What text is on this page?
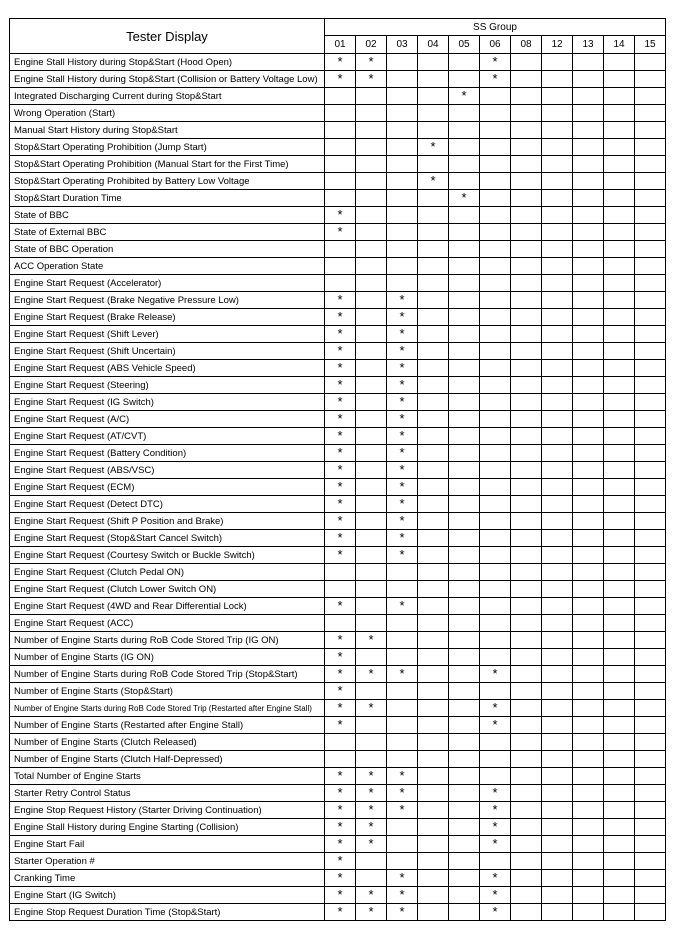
Tester Display	SS Group										
	01	02	03	04	05	06	08	12	13	14	15
Engine Stall History during Stop&Start (Hood Open)	*	*				*					
Engine Stall History during Stop&Start (Collision or Battery Voltage Low)	*	*				*					
Integrated Discharging Current during Stop&Start					*						
Wrong Operation (Start)											
Manual Start History during Stop&Start											
Stop&Start Operating Prohibition (Jump Start)				*							
Stop&Start Operating Prohibition (Manual Start for the First Time)											
Stop&Start Operating Prohibited by Battery Low Voltage				*							
Stop&Start Duration Time					*						
State of BBC	*										
State of External BBC	*										
State of BBC Operation											
ACC Operation State											
Engine Start Request (Accelerator)											
Engine Start Request (Brake Negative Pressure Low)	*		*								
Engine Start Request (Brake Release)	*		*								
Engine Start Request (Shift Lever)	*		*								
Engine Start Request (Shift Uncertain)	*		*								
Engine Start Request (ABS Vehicle Speed)	*		*								
Engine Start Request (Steering)	*		*								
Engine Start Request (IG Switch)	*		*								
Engine Start Request (A/C)	*		*								
Engine Start Request (AT/CVT)	*		*								
Engine Start Request (Battery Condition)	*		*								
Engine Start Request (ABS/VSC)	*		*								
Engine Start Request (ECM)	*		*								
Engine Start Request (Detect DTC)	*		*								
Engine Start Request (Shift P Position and Brake)	*		*								
Engine Start Request (Stop&Start Cancel Switch)	*		*								
Engine Start Request (Courtesy Switch or Buckle Switch)	*		*								
Engine Start Request (Clutch Pedal ON)											
Engine Start Request (Clutch Lower Switch ON)											
Engine Start Request (4WD and Rear Differential Lock)	*		*								
Engine Start Request (ACC)											
Number of Engine Starts during RoB Code Stored Trip (IG ON)	*	*									
Number of Engine Starts (IG ON)	*										
Number of Engine Starts during RoB Code Stored Trip (Stop&Start)	*	*	*			*					
Number of Engine Starts (Stop&Start)	*										
Number of Engine Starts during RoB Code Stored Trip (Restarted after Engine Stall)	*	*				*					
Number of Engine Starts (Restarted after Engine Stall)	*					*					
Number of Engine Starts (Clutch Released)											
Number of Engine Starts (Clutch Half-Depressed)											
Total Number of Engine Starts	*	*	*								
Starter Retry Control Status	*	*	*			*					
Engine Stop Request History (Starter Driving Continuation)	*	*	*			*					
Engine Stall History during Engine Starting (Collision)	*	*				*					
Engine Start Fail	*	*				*					
Starter Operation #	*										
Cranking Time	*		*			*					
Engine Start (IG Switch)	*	*	*			*					
Engine Stop Request Duration Time (Stop&Start)	*	*	*			*					
